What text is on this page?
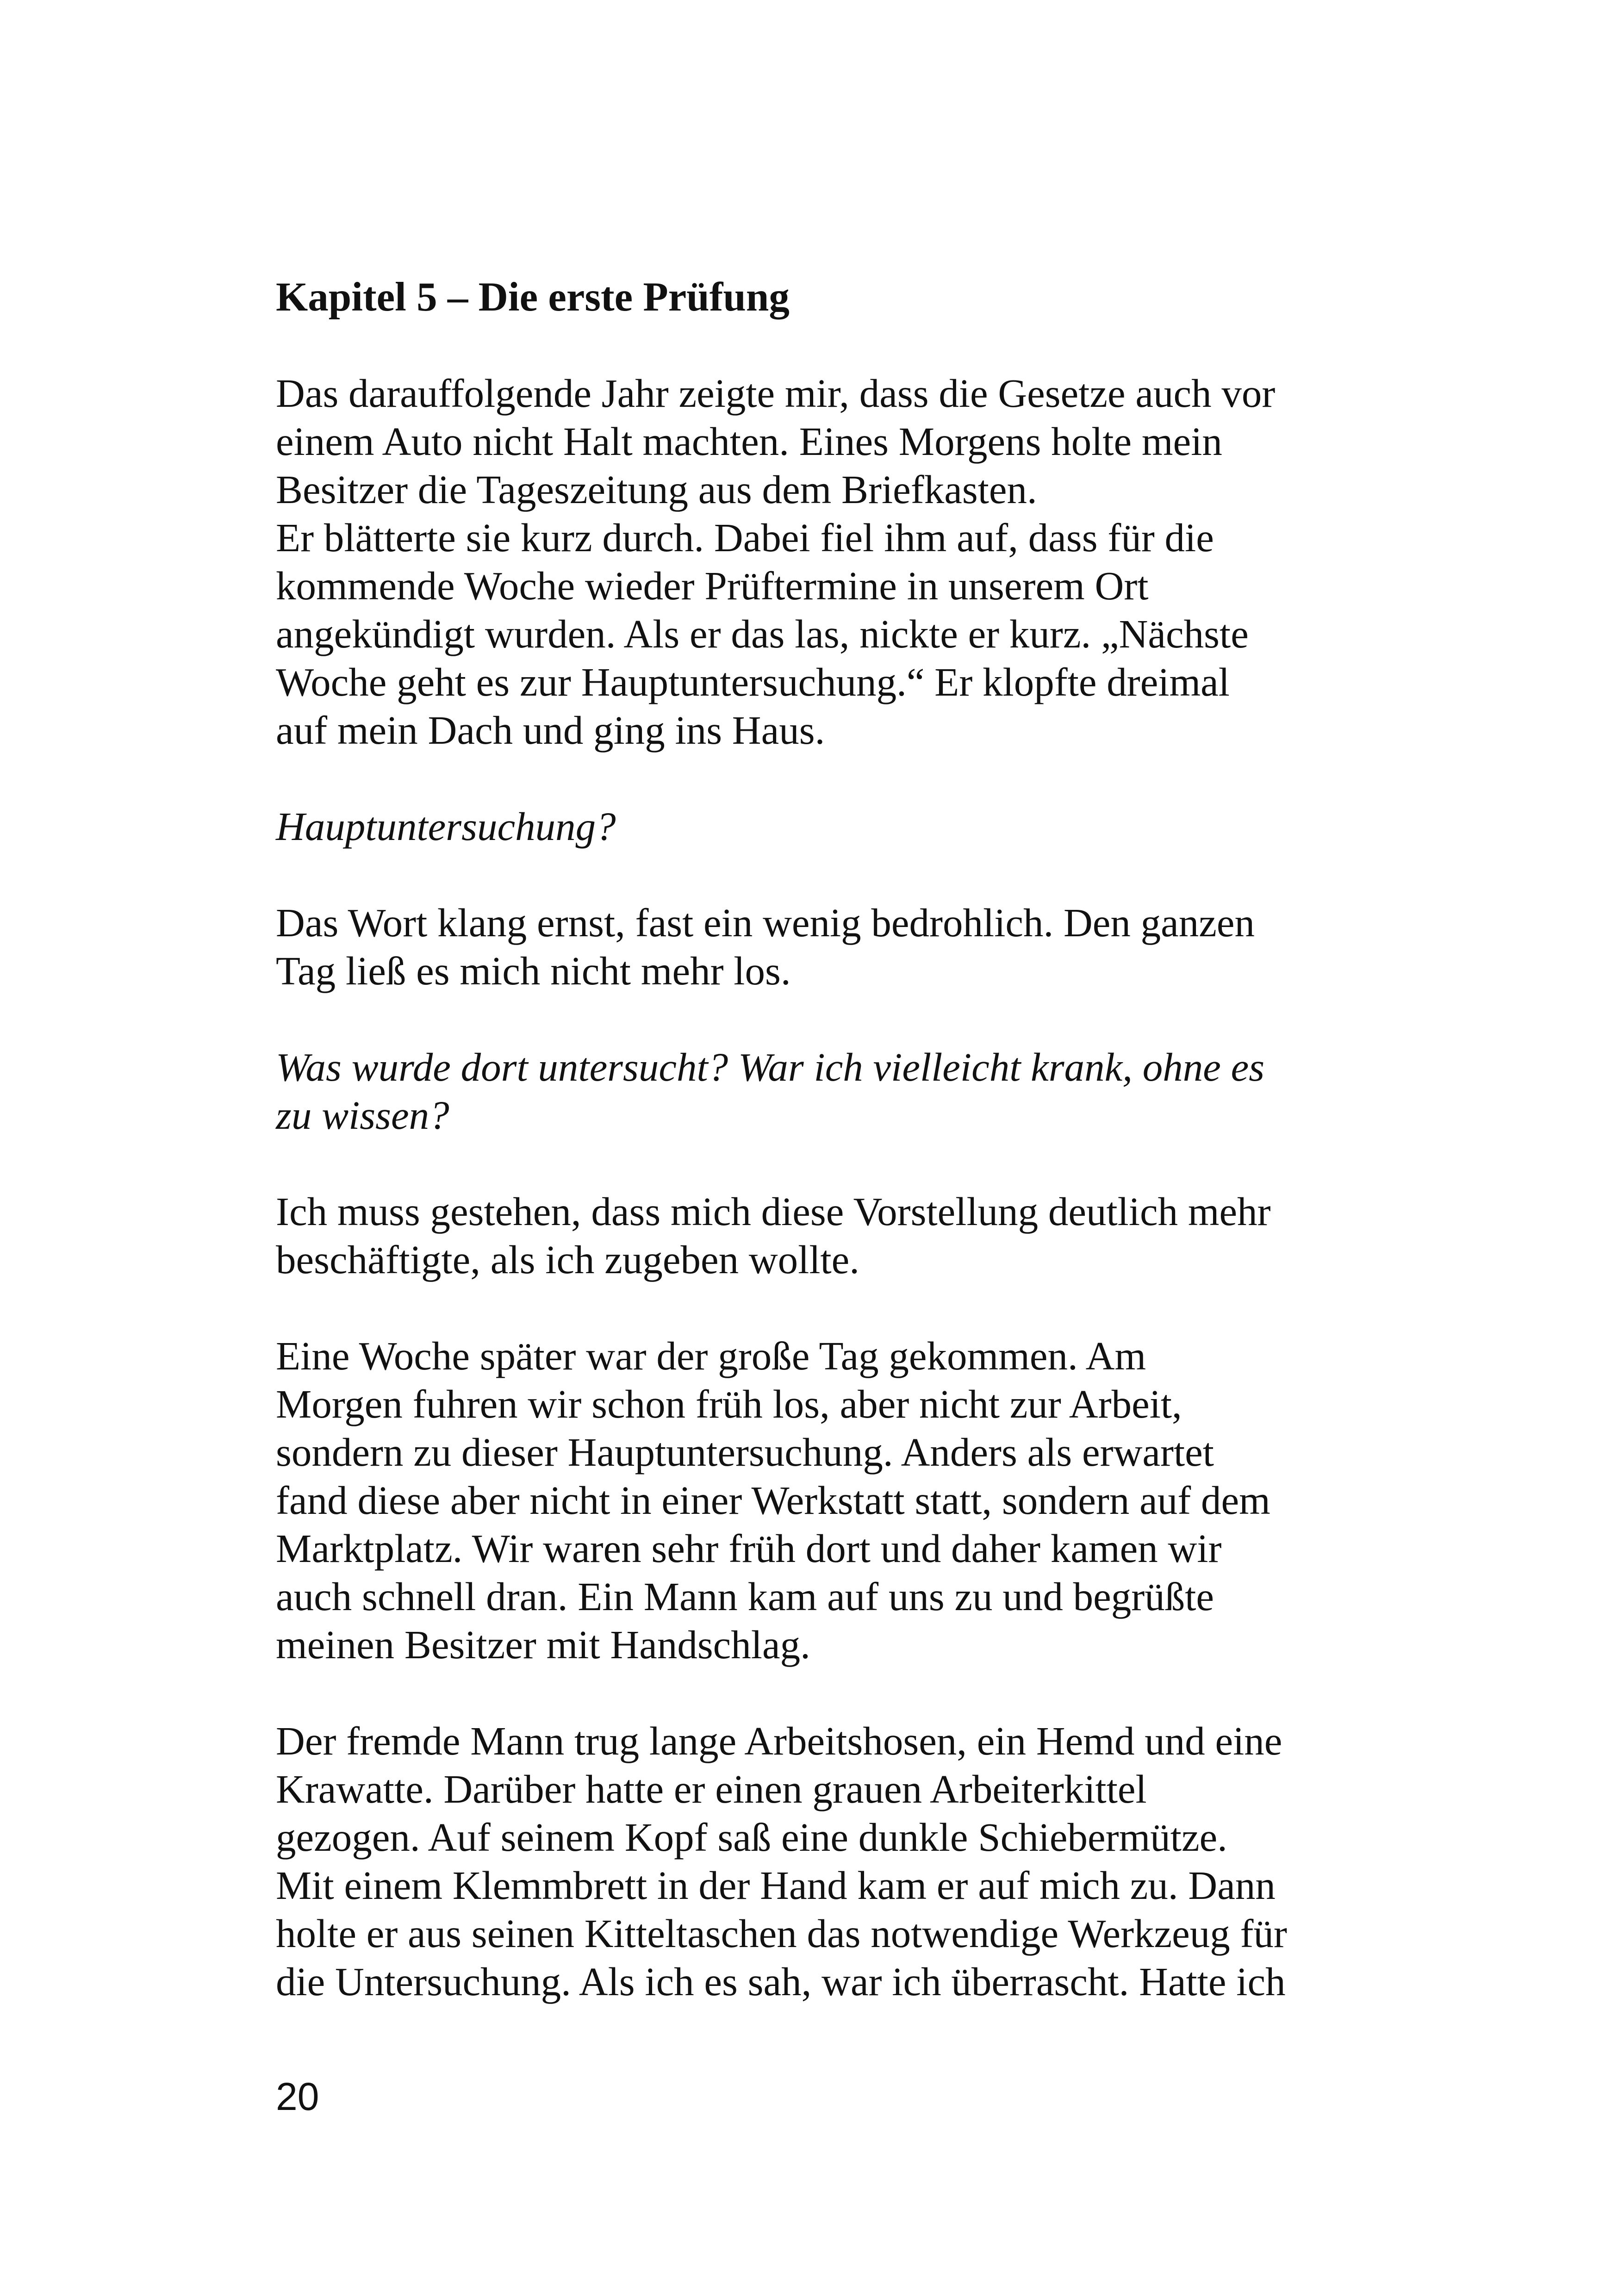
Kapitel 5 – Die erste Prüfung
Das darauffolgende Jahr zeigte mir, dass die Gesetze auch vor
einem Auto nicht Halt machten. Eines Morgens holte mein
Besitzer die Tageszeitung aus dem Briefkasten.
Er blätterte sie kurz durch. Dabei fiel ihm auf, dass für die
kommende Woche wieder Prüftermine in unserem Ort
angekündigt wurden. Als er das las, nickte er kurz. „Nächste
Woche geht es zur Hauptuntersuchung.“ Er klopfte dreimal
auf mein Dach und ging ins Haus.
Hauptuntersuchung?
Das Wort klang ernst, fast ein wenig bedrohlich. Den ganzen
Tag ließ es mich nicht mehr los.
Was wurde dort untersucht? War ich vielleicht krank, ohne es
zu wissen?
Ich muss gestehen, dass mich diese Vorstellung deutlich mehr
beschäftigte, als ich zugeben wollte.
Eine Woche später war der große Tag gekommen. Am
Morgen fuhren wir schon früh los, aber nicht zur Arbeit,
sondern zu dieser Hauptuntersuchung. Anders als erwartet
fand diese aber nicht in einer Werkstatt statt, sondern auf dem
Marktplatz. Wir waren sehr früh dort und daher kamen wir
auch schnell dran. Ein Mann kam auf uns zu und begrüßte
meinen Besitzer mit Handschlag.
Der fremde Mann trug lange Arbeitshosen, ein Hemd und eine
Krawatte. Darüber hatte er einen grauen Arbeiterkittel
gezogen. Auf seinem Kopf saß eine dunkle Schiebermütze.
Mit einem Klemmbrett in der Hand kam er auf mich zu. Dann
holte er aus seinen Kitteltaschen das notwendige Werkzeug für
die Untersuchung. Als ich es sah, war ich überrascht. Hatte ich
20
